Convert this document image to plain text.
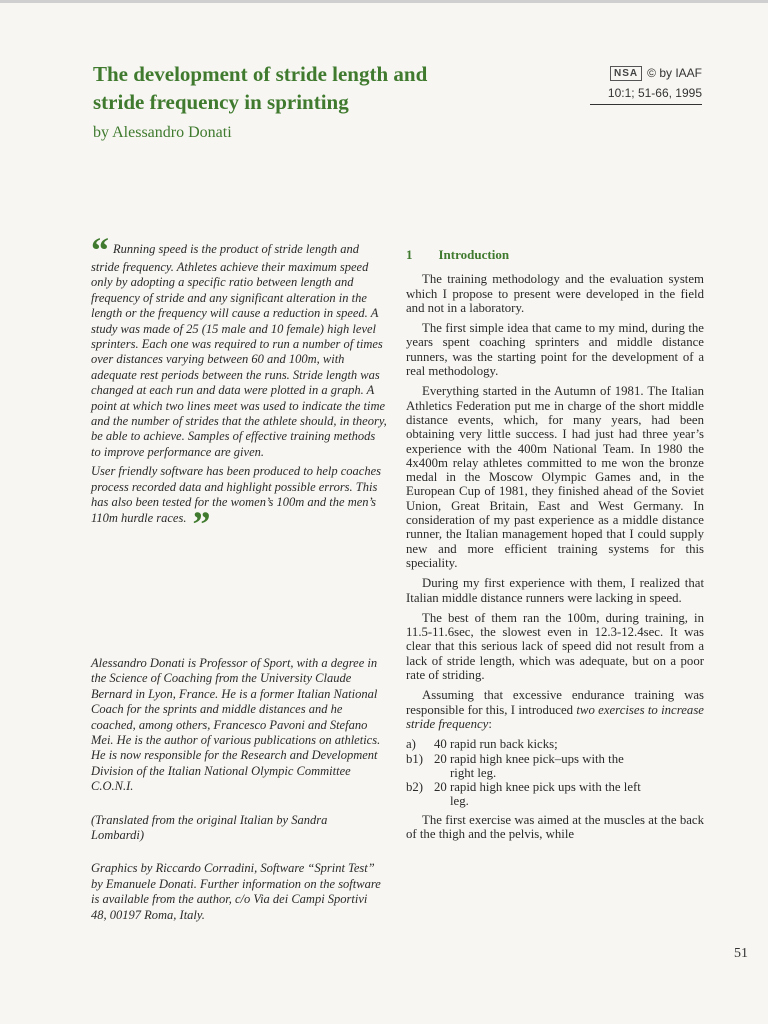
The development of stride length and
stride frequency in sprinting
by Alessandro Donati
NSA © by IAAF
10:1; 51-66, 1995

“ Running speed is the product of stride length and stride frequency. Athletes achieve their maximum speed only by adopting a specific ratio between length and frequency of stride and any significant alteration in the length or the frequency will cause a reduction in speed. A study was made of 25 (15 male and 10 female) high level sprinters. Each one was required to run a number of times over distances varying between 60 and 100m, with adequate rest periods between the runs. Stride length was changed at each run and data were plotted in a graph. A point at which two lines meet was used to indicate the time and the number of strides that the athlete should, in theory, be able to achieve. Samples of effective training methods to improve performance are given.

User friendly software has been produced to help coaches process recorded data and highlight possible errors. This has also been tested for the women’s 100m and the men’s 110m hurdle races. ”

Alessandro Donati is Professor of Sport, with a degree in the Science of Coaching from the University Claude Bernard in Lyon, France. He is a former Italian National Coach for the sprints and middle distances and he coached, among others, Francesco Pavoni and Stefano Mei. He is the author of various publications on athletics. He is now responsible for the Research and Development Division of the Italian National Olympic Committee C.O.N.I.

(Translated from the original Italian by Sandra Lombardi)

Graphics by Riccardo Corradini, Software “Sprint Test” by Emanuele Donati. Further information on the software is available from the author, c/o Via dei Campi Sportivi 48, 00197 Roma, Italy.

1 Introduction

The training methodology and the evaluation system which I propose to present were developed in the field and not in a laboratory.

The first simple idea that came to my mind, during the years spent coaching sprinters and middle distance runners, was the starting point for the development of a real methodology.

Everything started in the Autumn of 1981. The Italian Athletics Federation put me in charge of the short middle distance events, which, for many years, had been obtaining very little success. I had just had three year’s experience with the 400m National Team. In 1980 the 4x400m relay athletes committed to me won the bronze medal in the Moscow Olympic Games and, in the European Cup of 1981, they finished ahead of the Soviet Union, Great Britain, East and West Germany. In consideration of my past experience as a middle distance runner, the Italian management hoped that I could supply new and more efficient training systems for this speciality.

During my first experience with them, I realized that Italian middle distance runners were lacking in speed.

The best of them ran the 100m, during training, in 11.5-11.6sec, the slowest even in 12.3-12.4sec. It was clear that this serious lack of speed did not result from a lack of stride length, which was adequate, but on a poor rate of striding.

Assuming that excessive endurance training was responsible for this, I introduced two exercises to increase stride frequency:

a)	40 rapid run back kicks;
b1) 20 rapid high knee pick–ups with the
right leg.
b2) 20 rapid high knee pick ups with the left
leg.

The first exercise was aimed at the muscles at the back of the thigh and the pelvis, while

51
